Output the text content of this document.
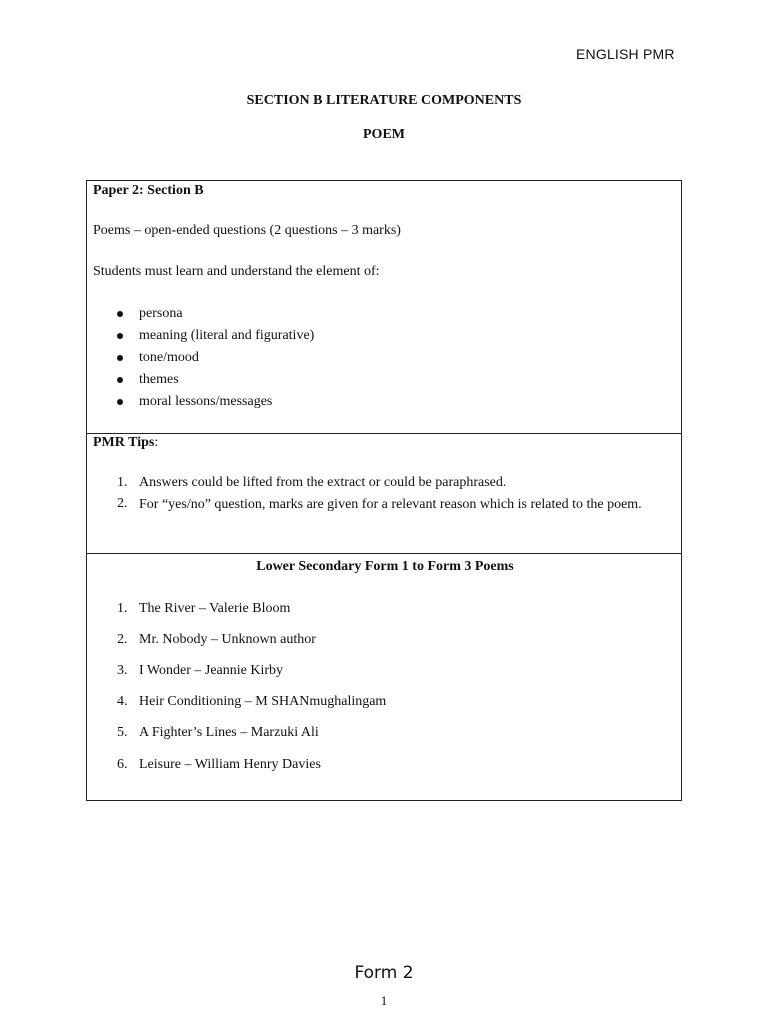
ENGLISH PMR
SECTION B LITERATURE COMPONENTS
POEM
Paper 2: Section B
Poems – open-ended questions (2 questions – 3 marks)
Students must learn and understand the element of:
persona
meaning (literal and figurative)
tone/mood
themes
moral lessons/messages
PMR Tips:
1. Answers could be lifted from the extract or could be paraphrased.
2. For “yes/no” question, marks are given for a relevant reason which is related to the poem.
Lower Secondary Form 1 to Form 3 Poems
1. The River – Valerie Bloom
2. Mr. Nobody – Unknown author
3. I Wonder – Jeannie Kirby
4. Heir Conditioning – M SHANmughalingam
5. A Fighter’s Lines – Marzuki Ali
6. Leisure – William Henry Davies
Form 2
1
